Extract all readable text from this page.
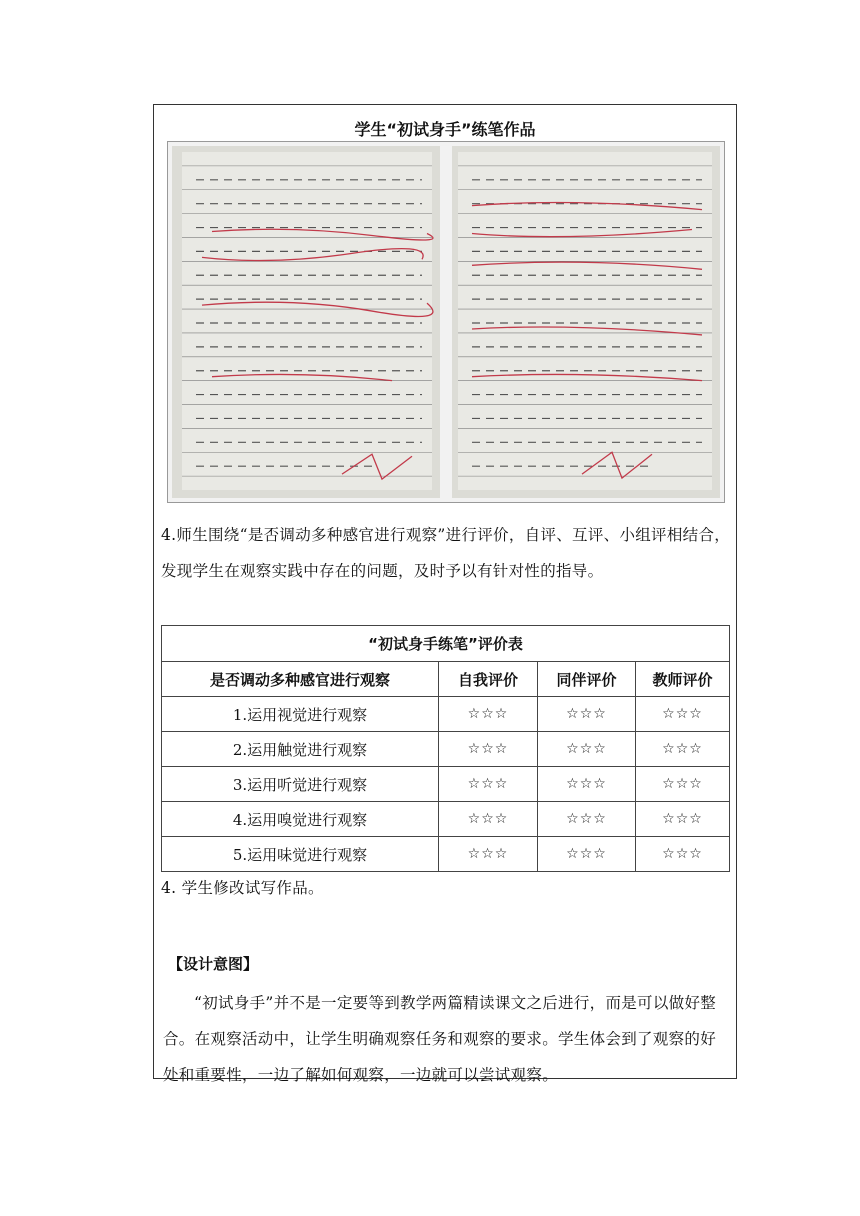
学生“初试身手”练笔作品
4.师生围绕“是否调动多种感官进行观察”进行评价，自评、互评、小组评相结合，发现学生在观察实践中存在的问题，及时予以有针对性的指导。
“初试身手练笔”评价表			
是否调动多种感官进行观察	自我评价	同伴评价	教师评价
1.运用视觉进行观察	☆☆☆	☆☆☆	☆☆☆
2.运用触觉进行观察	☆☆☆	☆☆☆	☆☆☆
3.运用听觉进行观察	☆☆☆	☆☆☆	☆☆☆
4.运用嗅觉进行观察	☆☆☆	☆☆☆	☆☆☆
5.运用味觉进行观察	☆☆☆	☆☆☆	☆☆☆
4. 学生修改试写作品。
【设计意图】
“初试身手”并不是一定要等到教学两篇精读课文之后进行，而是可以做好整合。在观察活动中，让学生明确观察任务和观察的要求。学生体会到了观察的好处和重要性，一边了解如何观察，一边就可以尝试观察。
